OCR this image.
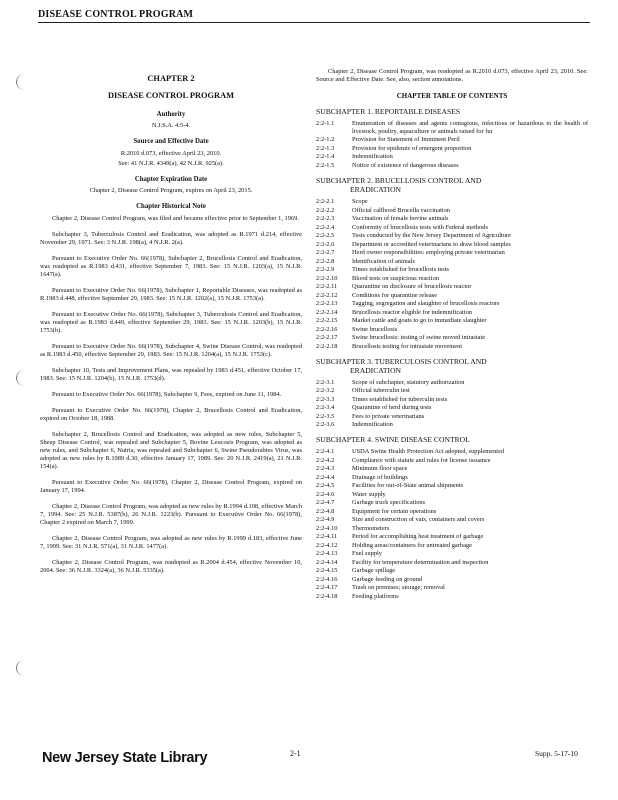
DISEASE CONTROL PROGRAM
CHAPTER 2
DISEASE CONTROL PROGRAM
Authority
N.J.S.A. 4:5-4.
Source and Effective Date
R.2010 d.073, effective April 23, 2010.
See: 41 N.J.R. 4349(a), 42 N.J.R. 925(a).
Chapter Expiration Date
Chapter 2, Disease Control Program, expires on April 23, 2015.
Chapter Historical Note

Chapter 2, Disease Control Program, was filed and became effective prior to September 1, 1969.

Subchapter 3, Tuberculosis Control and Eradication, was adopted as R.1971 d.214, effective November 29, 1971. See: 3 N.J.R. 198(a), 4 N.J.R. 2(a).

Pursuant to Executive Order No. 66(1978), Subchapter 2, Brucellosis Control and Eradication, was readopted as R.1983 d.431, effective September 7, 1983. See: 15 N.J.R. 1203(a), 15 N.J.R. 1647(a).

Pursuant to Executive Order No. 66(1978), Subchapter 1, Reportable Diseases, was readopted as R.1983 d.448, effective September 29, 1983. See: 15 N.J.R. 1202(a), 15 N.J.R. 1753(a).

Pursuant to Executive Order No. 66(1978), Subchapter 3, Tuberculosis Control and Eradication, was readopted as R.1983 d.449, effective September 29, 1983. See: 15 N.J.R. 1203(b), 15 N.J.R. 1753(b).

Pursuant to Executive Order No. 66(1978), Subchapter 4, Swine Disease Control, was readopted as R.1983 d.450, effective September 29, 1983. See: 15 N.J.R. 1204(a), 15 N.J.R. 1753(c).

Subchapter 10, Tests and Improvement Plans, was repealed by 1983 d.451, effective October 17, 1983. See: 15 N.J.R. 1204(b), 15 N.J.R. 1753(d).

Pursuant to Executive Order No. 66(1978), Subchapter 9, Fees, expired on June 11, 1984.

Pursuant to Executive Order No. 66(1978), Chapter 2, Brucellosis Control and Eradication, expired on October 18, 1988.

Subchapter 2, Brucellosis Control and Eradication, was adopted as new rules, Subchapter 5, Sheep Disease Control, was repealed and Subchapter 5, Bovine Leucosis Program, was adopted as new rules, and Subchapter 6, Nutria, was repealed and Subchapter 6, Swine Pseudorabies Virus, was adopted as new rules by R.1989 d.30, effective January 17, 1989. See: 20 N.J.R. 2419(a), 21 N.J.R. 154(a).

Pursuant to Executive Order No. 66(1978), Chapter 2, Disease Control Program, expired on January 17, 1994.

Chapter 2, Disease Control Program, was adopted as new rules by R.1994 d.108, effective March 7, 1994. See: 25 N.J.R. 5387(b), 26 N.J.R. 1223(b). Pursuant to Executive Order No. 66(1978), Chapter 2 expired on March 7, 1999.

Chapter 2, Disease Control Program, was adopted as new rules by R.1999 d.183, effective June 7, 1999. See: 31 N.J.R. 571(a), 31 N.J.R. 1477(a).

Chapter 2, Disease Control Program, was readopted as R.2004 d.454, effective November 10, 2004. See: 36 N.J.R. 3324(a), 36 N.J.R. 5335(a).

Chapter 2, Disease Control Program, was readopted as R.2010 d.073, effective April 23, 2010. See: Source and Effective Date. See, also, section annotations.

CHAPTER TABLE OF CONTENTS
SUBCHAPTER 1. REPORTABLE DISEASES
2:2-1.1	Enumeration of diseases and agents contagious, infectious or hazardous to the health of livestock, poultry, aquaculture or animals raised for fur
2:2-1.2	Provision for Statement of Imminent Peril
2:2-1.3	Provision for epidemic of emergent proportion
2:2-1.4	Indemnification
2:2-1.5	Notice of existence of dangerous diseases
SUBCHAPTER 2. BRUCELLOSIS CONTROL AND
ERADICATION
2:2-2.1	Scope
2:2-2.2	Official calfhood Brucella vaccination
2:2-2.3	Vaccination of female bovine animals
2:2-2.4	Conformity of brucellosis tests with Federal methods
2:2-2.5	Tests conducted by the New Jersey Department of Agriculture
2:2-2.6	Department or accredited veterinarians to draw blood samples
2:2-2.7	Herd owner responsibilities: employing private veterinarian
2:2-2.8	Identification of animals
2:2-2.9	Times established for brucellosis tests
2:2-2.10	Blood tests on suspicious reaction
2:2-2.11	Quarantine on disclosure of brucellosis reactor
2:2-2.12	Conditions for quarantine release
2:2-2.13	Tagging, segregation and slaughter of brucellosis reactors
2:2-2.14	Brucellosis reactor eligible for indemnification
2:2-2.15	Market cattle and goats to go to immediate slaughter
2:2-2.16	Swine brucellosis
2:2-2.17	Swine brucellosis: testing of swine moved intrastate
2:2-2.18	Brucellosis testing for intrastate movement
SUBCHAPTER 3. TUBERCULOSIS CONTROL AND
ERADICATION
2:2-3.1	Scope of subchapter, statutory authorization
2:2-3.2	Official tuberculin test
2:2-3.3	Times established for tuberculin tests
2:2-3.4	Quarantine of herd during tests
2:2-3.5	Fees to private veterinarians
2:2-3.6	Indemnification
SUBCHAPTER 4. SWINE DISEASE CONTROL
2:2-4.1	USDA Swine Health Protection Act adopted, supplemented
2:2-4.2	Compliance with statute and rules for license issuance
2:2-4.3	Minimum floor space
2:2-4.4	Drainage of buildings
2:2-4.5	Facilities for out-of-State animal shipments
2:2-4.6	Water supply
2:2-4.7	Garbage truck specifications
2:2-4.8	Equipment for certain operations
2:2-4.9	Size and construction of vats, containers and covers
2:2-4.10	Thermometers
2:2-4.11	Period for accomplishing heat treatment of garbage
2:2-4.12	Holding areas/containers for untreated garbage
2:2-4.13	Fuel supply
2:2-4.14	Facility for temperature determination and inspection
2:2-4.15	Garbage spillage
2:2-4.16	Garbage feeding on ground
2:2-4.17	Trash on premises; storage; removal
2:2-4.18	Feeding platforms
New Jersey State Library	2-1	Supp. 5-17-10
